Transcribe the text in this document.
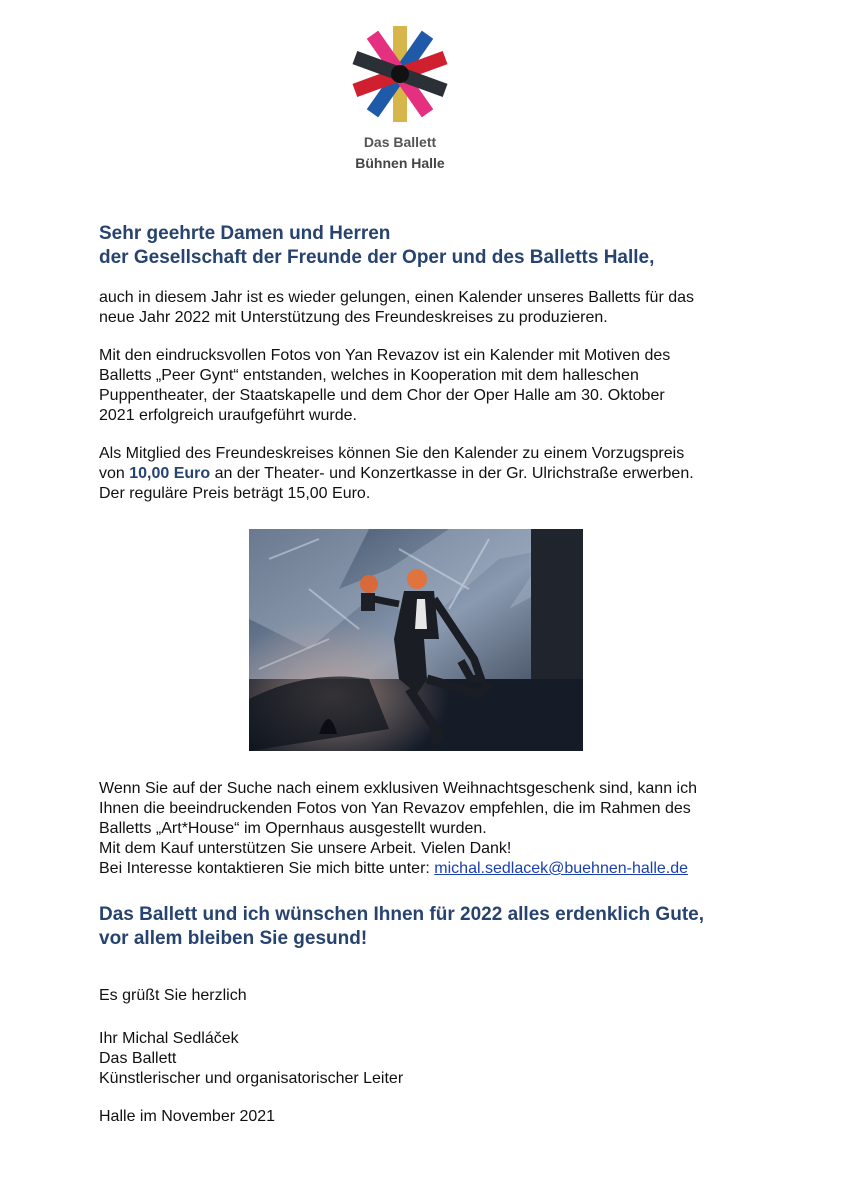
Das Ballett
Bühnen Halle
Sehr geehrte Damen und Herren
der Gesellschaft der Freunde der Oper und des Balletts Halle,
auch in diesem Jahr ist es wieder gelungen, einen Kalender unseres Balletts für das
neue Jahr 2022 mit Unterstützung des Freundeskreises zu produzieren.
Mit den eindrucksvollen Fotos von Yan Revazov ist ein Kalender mit Motiven des
Balletts „Peer Gynt“ entstanden, welches in Kooperation mit dem halleschen
Puppentheater, der Staatskapelle und dem Chor der Oper Halle am 30. Oktober
2021 erfolgreich uraufgeführt wurde.
Als Mitglied des Freundeskreises können Sie den Kalender zu einem Vorzugspreis
von 10,00 Euro an der Theater- und Konzertkasse in der Gr. Ulrichstraße erwerben.
Der reguläre Preis beträgt 15,00 Euro.
Wenn Sie auf der Suche nach einem exklusiven Weihnachtsgeschenk sind, kann ich
Ihnen die beeindruckenden Fotos von Yan Revazov empfehlen, die im Rahmen des
Balletts „Art*House“ im Opernhaus ausgestellt wurden.
Mit dem Kauf unterstützen Sie unsere Arbeit. Vielen Dank!
Bei Interesse kontaktieren Sie mich bitte unter: michal.sedlacek@buehnen-halle.de
Das Ballett und ich wünschen Ihnen für 2022 alles erdenklich Gute,
vor allem bleiben Sie gesund!
Es grüßt Sie herzlich
Ihr Michal Sedláček
Das Ballett
Künstlerischer und organisatorischer Leiter
Halle im November 2021
